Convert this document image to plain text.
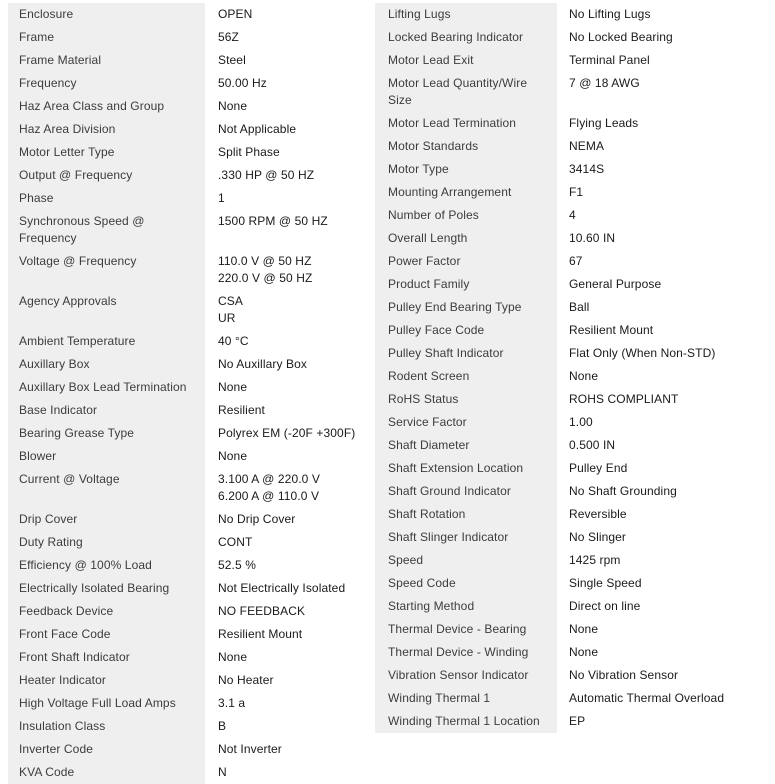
Enclosure	OPEN
Frame	56Z
Frame Material	Steel
Frequency	50.00 Hz
Haz Area Class and Group	None
Haz Area Division	Not Applicable
Motor Letter Type	Split Phase
Output @ Frequency	.330 HP @ 50 HZ
Phase	1
Synchronous Speed @ Frequency
1500 RPM @ 50 HZ
Voltage @ Frequency	110.0 V @ 50 HZ
220.0 V @ 50 HZ
Agency Approvals	CSA
UR
Ambient Temperature	40 °C
Auxillary Box	No Auxillary Box
Auxillary Box Lead Termination	None
Base Indicator	Resilient
Bearing Grease Type	Polyrex EM (-20F +300F)
Blower	None
Current @ Voltage	3.100 A @ 220.0 V
6.200 A @ 110.0 V
Drip Cover	No Drip Cover
Duty Rating	CONT
Efficiency @ 100% Load	52.5 %
Electrically Isolated Bearing	Not Electrically Isolated
Feedback Device	NO FEEDBACK
Front Face Code	Resilient Mount
Front Shaft Indicator	None
Heater Indicator	No Heater
High Voltage Full Load Amps	3.1 a
Insulation Class	B
Inverter Code	Not Inverter
KVA Code	N
Lifting Lugs	No Lifting Lugs
Locked Bearing Indicator	No Locked Bearing
Motor Lead Exit	Terminal Panel
Motor Lead Quantity/Wire Size
7 @ 18 AWG
Motor Lead Termination	Flying Leads
Motor Standards	NEMA
Motor Type	3414S
Mounting Arrangement	F1
Number of Poles	4
Overall Length	10.60 IN
Power Factor	67
Product Family	General Purpose
Pulley End Bearing Type	Ball
Pulley Face Code	Resilient Mount
Pulley Shaft Indicator	Flat Only (When Non-STD)
Rodent Screen	None
RoHS Status	ROHS COMPLIANT
Service Factor	1.00
Shaft Diameter	0.500 IN
Shaft Extension Location	Pulley End
Shaft Ground Indicator	No Shaft Grounding
Shaft Rotation	Reversible
Shaft Slinger Indicator	No Slinger
Speed	1425 rpm
Speed Code	Single Speed
Starting Method	Direct on line
Thermal Device - Bearing	None
Thermal Device - Winding	None
Vibration Sensor Indicator	No Vibration Sensor
Winding Thermal 1	Automatic Thermal Overload
Winding Thermal 1 Location	EP
